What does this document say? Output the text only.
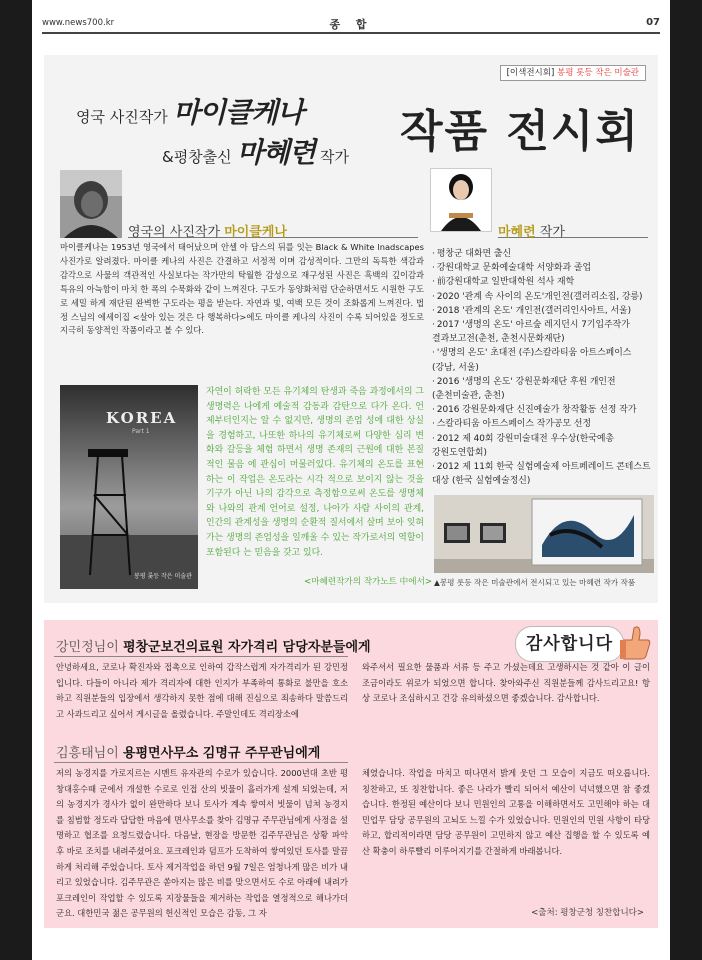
www.news700.kr	종 합	07
[이색전시회] 봉평 롯등 작은 미술관
영국 사진작가 마이클케나
&평창출신 마혜련 작가 작품 전시회
영국의 사진작가 마이클케나	마혜련 작가
마이클케나는 1953년 영국에서 태어났으며 안셀 아 담스의 뒤를 잇는 Black & White lnadscapes 사진가로 알려졌다. 마이클 케나의 사진은 간결하고 서정적 이며 감성적이다. 그만의 독특한 색감과 감각으로 사물의 객관적인 사실보다는 작가만의 탁월한 감성으로 재구성된 사진은 흑백의 깊이감과 특유의 아늑함이 마치 한 폭의 수묵화와 같이 느껴진다. 구도가 동양화처럼 단순하면서도 시원한 구도로 세밀 하게 재단된 완벽한 구도라는 평을 받는다. 자연과 빛, 여백 모든 것이 조화롭게 느껴진다. 법정 스님의 에세이집 <살아 있는 것은 다 행복하다>에도 마이클 케나의 사진이 수록 되어있을 정도로 지극히 동양적인 작품이라고 볼 수 있다.
KOREA
Part 1
봉평 롯등 작은 미술관
자연이 허락한 모든 유기체의 탄생과 죽음 과정에서의 그 생명력은 나에게 예술적 감동과 감탄으로 다가 온다. 언제부터인지는 알 수 없지만, 생명의 존엄 성에 대한 상실을 경험하고, 나또한 하나의 유기체로써 다양한 심리 변화와 갈등을 체험 하면서 생명 존재의 근원에 대한 본질적인 물음 에 관심이 머물러있다. 유기체의 온도를 표현하는 이 작업은 온도라는 시각 적으로 보이지 않는 것을 기구가 아닌 나의 감각으로 측정함으로써 온도를 생명체와 나와의 관계 언어로 설정, 나아가 사람 사이의 관계, 인간의 관계성을 생명의 순환적 질서에서 살며 보아 잊혀가는 생명의 존엄성을 일깨울 수 있는 작가로서의 역할이 포함된다 는 믿음을 갖고 있다.
<마혜련작가의 작가노트 中에서>
· 평창군 대화면 출신
· 강원대학교 문화예술대학 서양화과 졸업
· 前강원대학교 일반대학원 석사 재학
· 2020 '관계 속 사이의 온도'개인전(갤러리소집, 강릉)
· 2018 '관계의 온도' 개인전(갤러리인사아트, 서울)
· 2017 '생명의 온도' 아르숲 레지던시 7기입주작가 결과보고전(춘천, 춘천시문화재단)
· '생명의 온도' 초대전 (주)스칼라티움 아트스페이스 (강남, 서울)
· 2016 '생명의 온도' 강원문화재단 후원 개인전 (춘천미술관, 춘천)
· 2016 강원문화재단 신진예술가 창작활동 선정 작가
· 스칼라티움 아트스페이스 작가공모 선정
· 2012 제 40회 강원미술대전 우수상(한국예총 강원도연합회)
· 2012 제 11회 한국 실험예술제 아트페레이드 콘테스트 대상 (한국 실험예술정신)
▲봉평 롯등 작은 미술관에서 전시되고 있는 마혜련 작가 작품
감사합니다
강민정님이 평창군보건의료원 자가격리 담당자분들에게
안녕하세요, 코로나 확진자와 접촉으로 인하여 갑작스럽게 자가격리가 된 강민정입니다. 다들이 아니라 제가 격리자에 대한 인지가 부족하여 통화로 불만을 호소하고 직원분들의 입장에서 생각하지 못한 점에 대해 진심으로 죄송하다 말씀드리고 사과드리고 싶어서 게시글을 올렸습니다. 주말인데도 격리장소에
와주셔서 필요한 물품과 서류 등 주고 가셨는데요 고생하시는 것 같아 이 글이 조금이라도 위로가 되었으면 합니다. 찾아와주신 직원분들께 감사드리고요! 항상 코로나 조심하시고 건강 유의하셨으면 좋겠습니다. 감사합니다.
김흥태님이 용평면사무소 김명규 주무관님에게
저의 농경지를 가로지르는 시멘트 유자관의 수로가 있습니다. 2000년대 초반 평창대홍수때 군에서 개설한 수로로 인접 산의 빗물이 흘러가게 설계 되었는데, 저의 농경지가 경사가 없이 완만하다 보니 토사가 계속 쌓여서 빗물이 넘쳐 농경지를 침범할 정도라 답답한 마음에 면사무소를 찾아 김명규 주무관님에게 사정을 설명하고 협조를 요청드렸습니다. 다음날, 현장을 방문한 김주무관님은 상황 파악 후 바로 조치를 내려주셨어요. 포크레인과 덤프가 도착하여 쌓여있던 토사를 말끔하게 처리해 주었습니다. 토사 제거작업을 하던 9월 7일은 엄청나게 많은 비가 내리고 있었습니다. 김주무관은 쏟아지는 많은 비를 맞으면서도 수로 아래에 내려가 포크레인이 작업할 수 있도록 지장물들을 제거하는 작업을 열정적으로 해나가더군요. 대한민국 젊은 공무원의 헌신적인 모습은 감동, 그 자
체였습니다. 작업을 마치고 떠나면서 밝게 웃던 그 모습이 지금도 떠오릅니다. 칭찬하고, 또 칭찬합니다. 좋은 나라가 빨리 되어서 예산이 넉넉했으면 참 좋겠습니다. 한정된 예산이다 보니 민원인의 고통을 이해하면서도 고민해야 하는 대민업무 담당 공무원의 고뇌도 느낄 수가 있었습니다. 민원인의 민원 사항이 타당하고, 합리적이라면 담당 공무원이 고민하지 않고 예산 집행을 할 수 있도록 예산 확충이 하루빨리 이루어지기를 간절하게 바래봅니다.
<출처: 평창군청 칭찬합니다>
